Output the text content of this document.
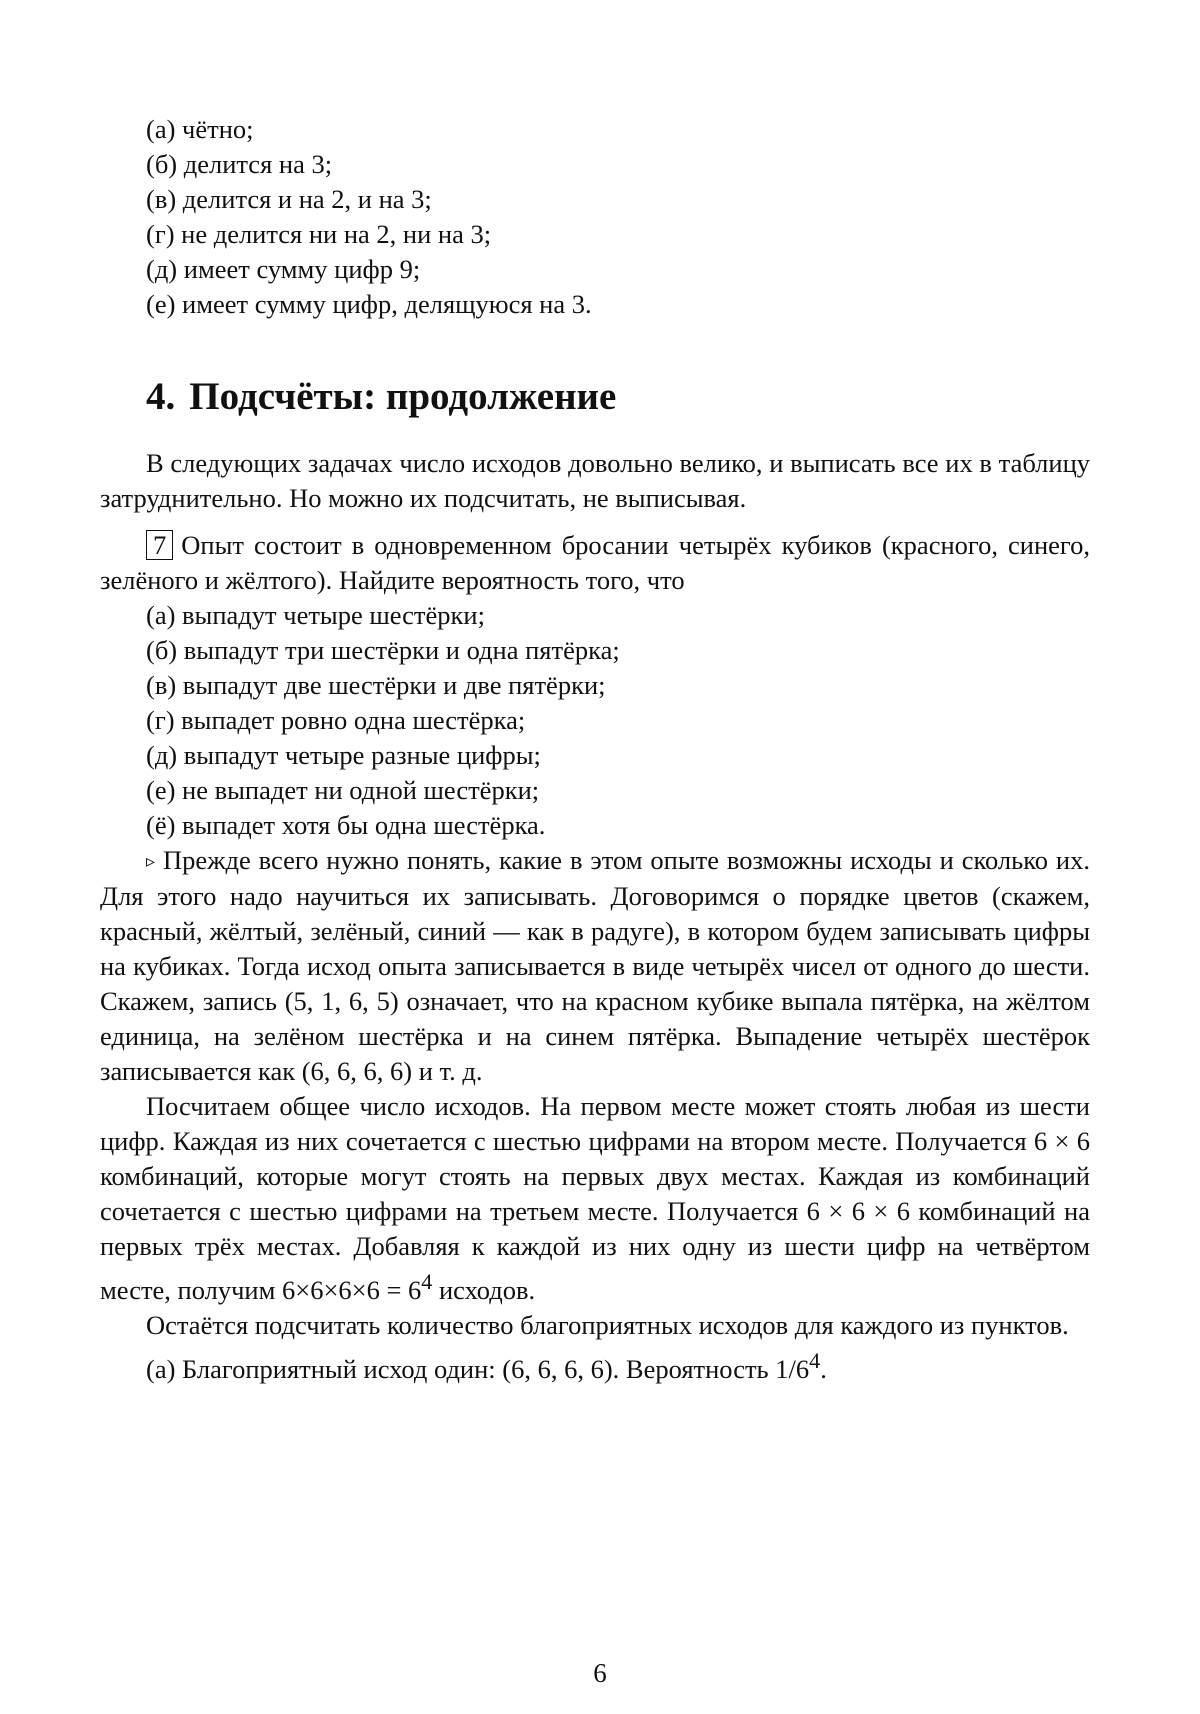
(а) чётно;
(б) делится на 3;
(в) делится и на 2, и на 3;
(г) не делится ни на 2, ни на 3;
(д) имеет сумму цифр 9;
(е) имеет сумму цифр, делящуюся на 3.
4. Подсчёты: продолжение

В следующих задачах число исходов довольно велико, и выписать все их в таблицу затруднительно. Но можно их подсчитать, не выписывая.

7 Опыт состоит в одновременном бросании четырёх кубиков (красного, синего, зелёного и жёлтого). Найдите вероятность того, что

(а) выпадут четыре шестёрки;
(б) выпадут три шестёрки и одна пятёрка;
(в) выпадут две шестёрки и две пятёрки;
(г) выпадет ровно одна шестёрка;
(д) выпадут четыре разные цифры;
(е) не выпадет ни одной шестёрки;
(ё) выпадет хотя бы одна шестёрка.

▹ Прежде всего нужно понять, какие в этом опыте возможны исходы и сколько их. Для этого надо научиться их записывать. Договоримся о порядке цветов (скажем, красный, жёлтый, зелёный, синий — как в радуге), в котором будем записывать цифры на кубиках. Тогда исход опыта записывается в виде четырёх чисел от одного до шести. Скажем, запись (5, 1, 6, 5) означает, что на красном кубике выпала пятёрка, на жёлтом единица, на зелёном шестёрка и на синем пятёрка. Выпадение четырёх шестёрок записывается как (6, 6, 6, 6) и т. д.

Посчитаем общее число исходов. На первом месте может стоять любая из шести цифр. Каждая из них сочетается с шестью цифрами на втором месте. Получается 6 × 6 комбинаций, которые могут стоять на первых двух местах. Каждая из комбинаций сочетается с шестью цифрами на третьем месте. Получается 6 × 6 × 6 комбинаций на первых трёх местах. Добавляя к каждой из них одну из шести цифр на четвёртом месте, получим $6\times 6\times 6\times 6 = 6^4$ исходов.

Остаётся подсчитать количество благоприятных исходов для каждого из пунктов.

(а) Благоприятный исход один: (6, 6, 6, 6). Вероятность $1/6^4$.

6
